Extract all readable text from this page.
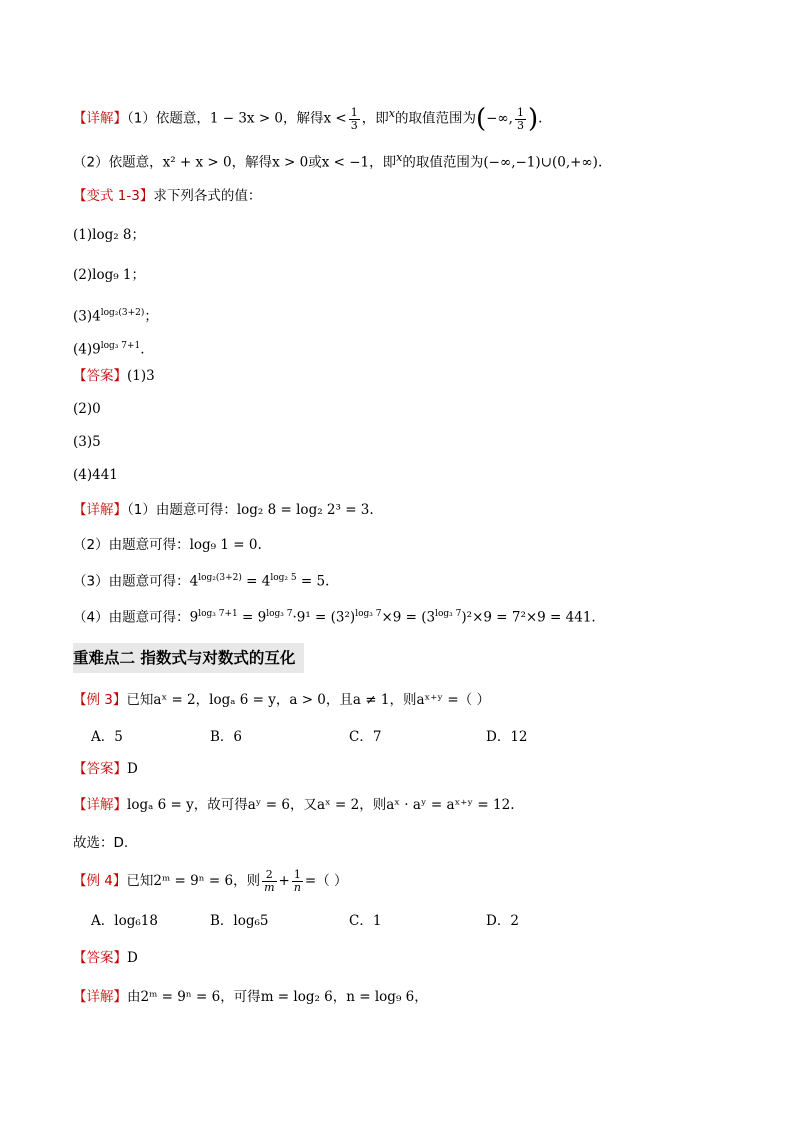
【详解】（1）依题意，1 − 3x > 0，解得$x < \frac{1}{3}$ ，即$^x$的取值范围为(−∞, $\frac{1}{3}$ ).
（2）依题意，x² + x > 0，解得x > 0或x < −1，即$^x$的取值范围为(−∞,−1)∪(0,+∞).
【变式 1-3】求下列各式的值：
(1)log₂ 8；
(2)log₉ 1；
$(3)4^{log_2(3+2)}$；
$(4)9^{log_3 7+1}$.
【答案】(1)3
(2)0
(3)5
(4)441
【详解】（1）由题意可得：log₂ 8 = log₂ 2³ = 3.
（2）由题意可得：log₉ 1 = 0.
（3）由题意可得：$4^{log_2(3+2)} = 4^{log_2 5} = 5$.
（4）由题意可得：$9^{log_3 7+1} = 9^{log_3 7}\cdot 9^1 = (3^2)^{log_3 7}\times 9 = (3^{log_3 7})^2\times 9 = 7^2\times 9 = 441$.
重难点二 指数式与对数式的互化
【例 3】已知aˣ = 2，logₐ 6 = y，a > 0，且a ≠ 1，则aˣ⁺ʸ =（ ）
A．5	B．6	C．7	D．12
【答案】D
【详解】logₐ 6 = y，故可得aʸ = 6，又aˣ = 2，则aˣ · aʸ = aˣ⁺ʸ = 12.
故选：D.
【例 4】已知2ᵐ = 9ⁿ = 6，则 $\frac{2}{m} + \frac{1}{n}$ =（ ）
A．log₆18	B．log₆5	C．1	D．2
【答案】D
【详解】由2ᵐ = 9ⁿ = 6，可得m = log₂ 6，n = log₉ 6，
